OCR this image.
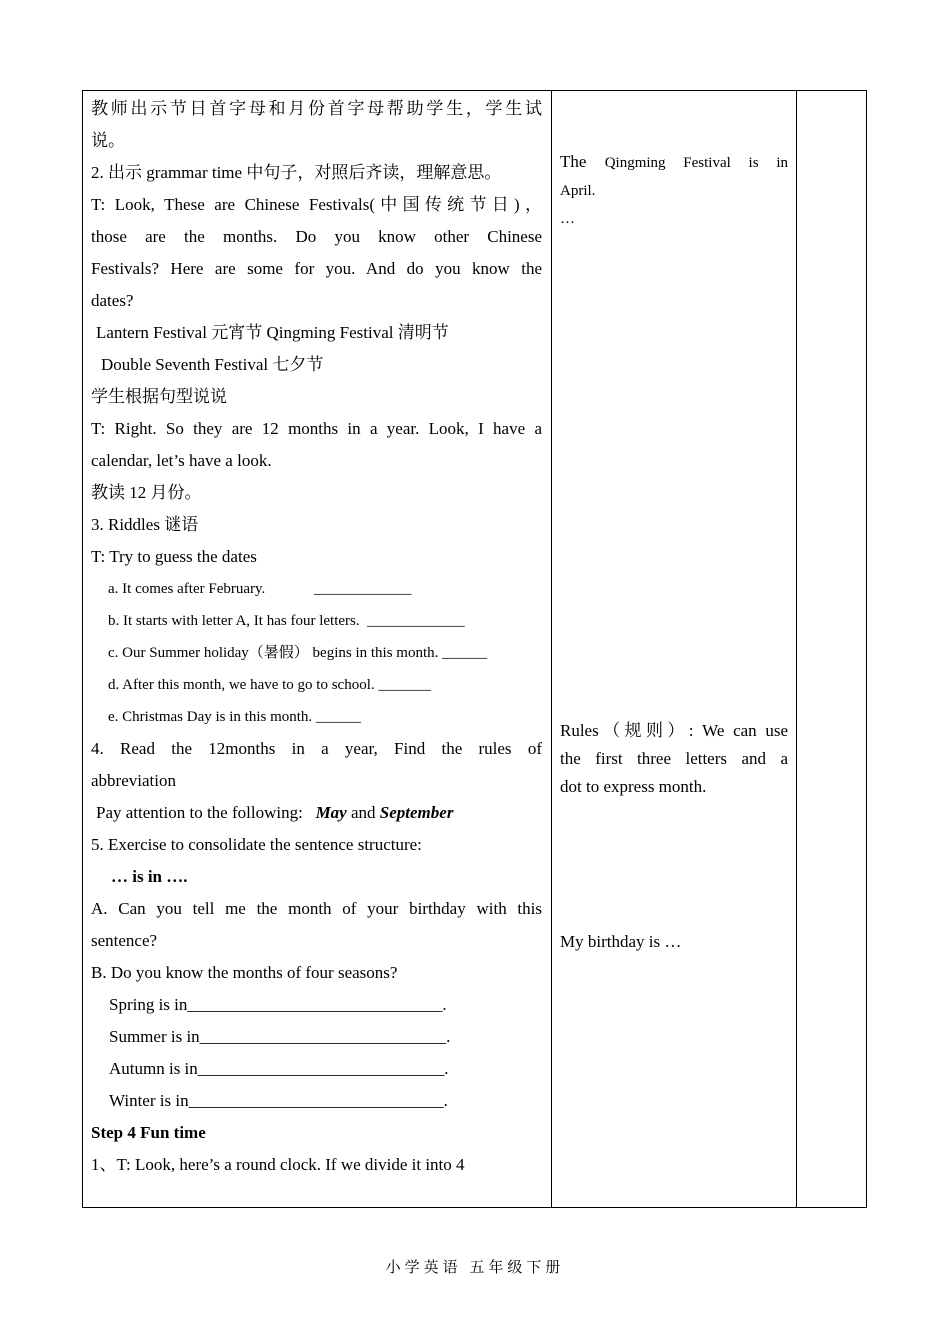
教师出示节日首字母和月份首字母帮助学生，学生试

说。

2. 出示 grammar time 中句子，对照后齐读，理解意思。

T: Look, These are Chinese Festivals(中国传统节日)，

those are the months. Do you know other Chinese

Festivals? Here are some for you. And do you know the

dates?

Lantern Festival 元宵节 Qingming Festival 清明节

Double Seventh Festival 七夕节

学生根据句型说说

T: Right. So they are 12 months in a year. Look, I have a

calendar, let’s have a look.

教读 12 月份。

3. Riddles 谜语

T: Try to guess the dates

a. It comes after February.             _____________

b. It starts with letter A, It has four letters.  _____________

c. Our Summer holiday（暑假） begins in this month. ______

d. After this month, we have to go to school. _______

e. Christmas Day is in this month. ______

4. Read the 12months in a year, Find the rules of

abbreviation

Pay attention to the following: May and September

5. Exercise to consolidate the sentence structure:

… is in ….

A. Can you tell me the month of your birthday with this

sentence?

B. Do you know the months of four seasons?

Spring is in______________________________.

Summer is in_____________________________.

Autumn is in_____________________________.

Winter is in______________________________.

Step 4 Fun time

1、T: Look, here’s a round clock. If we divide it into 4

The Qingming Festival is in

April.

…

Rules（规则）: We can use

the first three letters and a

dot to express month.

My birthday is …

小学英语 五年级下册
